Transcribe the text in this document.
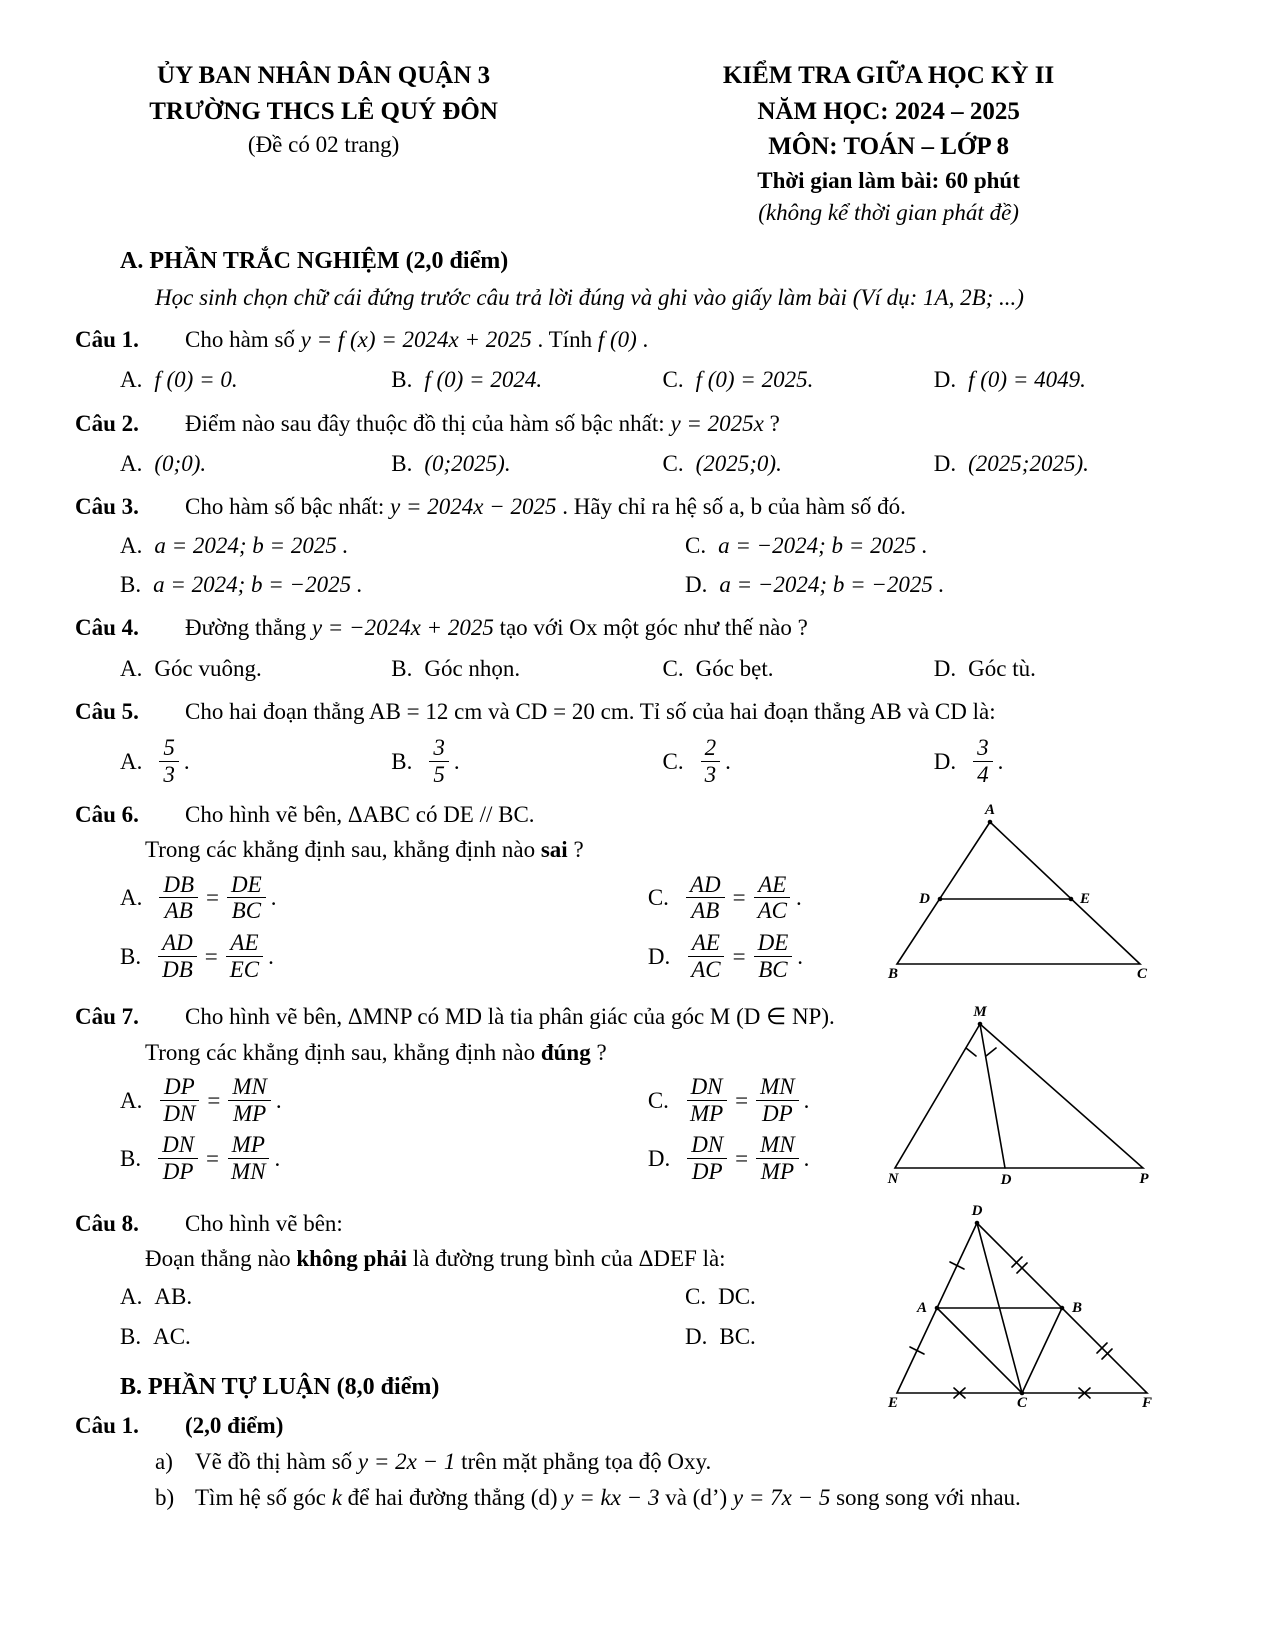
ỦY BAN NHÂN DÂN QUẬN 3
TRƯỜNG THCS LÊ QUÝ ĐÔN
(Đề có 02 trang)
KIỂM TRA GIỮA HỌC KỲ II
NĂM HỌC: 2024 – 2025
MÔN: TOÁN – LỚP 8
Thời gian làm bài: 60 phút
(không kể thời gian phát đề)
A. PHẦN TRẮC NGHIỆM (2,0 điểm)
Học sinh chọn chữ cái đứng trước câu trả lời đúng và ghi vào giấy làm bài (Ví dụ: 1A, 2B; ...)
Câu 1.	Cho hàm số y = f (x) = 2024x + 2025 . Tính f (0) .
A. f (0) = 0.	B. f (0) = 2024.	C. f (0) = 2025.	D. f (0) = 4049.
Câu 2.	Điểm nào sau đây thuộc đồ thị của hàm số bậc nhất: y = 2025x ?
A. (0;0).	B. (0;2025).	C. (2025;0).	D. (2025;2025).
Câu 3.	Cho hàm số bậc nhất: y = 2024x − 2025 . Hãy chỉ ra hệ số a, b của hàm số đó.
A. a = 2024; b = 2025 .	C. a = −2024; b = 2025 .
B. a = 2024; b = −2025 .	D. a = −2024; b = −2025 .
Câu 4.	Đường thẳng y = −2024x + 2025 tạo với Ox một góc như thế nào ?
A. Góc vuông.	B. Góc nhọn.	C. Góc bẹt.	D. Góc tù.
Câu 5.	Cho hai đoạn thẳng AB = 12 cm và CD = 20 cm. Tỉ số của hai đoạn thẳng AB và CD là:
A. $\frac{5}{3}$ .	B. $\frac{3}{5}$ .	C. $\frac{2}{3}$ .	D. $\frac{3}{4}$ .
Câu 6.	Cho hình vẽ bên, ΔABC có DE // BC.
Trong các khẳng định sau, khẳng định nào sai ?
A. $\frac{DB}{AB} = \frac{DE}{BC}$ .	C. $\frac{AD}{AB} = \frac{AE}{AC}$ .
B. $\frac{AD}{DB} = \frac{AE}{EC}$ .	D. $\frac{AE}{AC} = \frac{DE}{BC}$ .
A
B	C
D	E
Câu 7.	Cho hình vẽ bên, ΔMNP có MD là tia phân giác của góc M (D ∈ NP).
Trong các khẳng định sau, khẳng định nào đúng ?
A. $\frac{DP}{DN} = \frac{MN}{MP}$ .	C. $\frac{DN}{MP} = \frac{MN}{DP}$ .
B. $\frac{DN}{DP} = \frac{MP}{MN}$ .	D. $\frac{DN}{DP} = \frac{MN}{MP}$ .
M
N	P
D
D
A	B
E	C	F
Câu 8.	Cho hình vẽ bên:
Đoạn thẳng nào không phải là đường trung bình của ΔDEF là:
A. AB.	C. DC.
B. AC.	D. BC.
B. PHẦN TỰ LUẬN (8,0 điểm)
Câu 1.	(2,0 điểm)
a) Vẽ đồ thị hàm số y = 2x − 1 trên mặt phẳng tọa độ Oxy.
b) Tìm hệ số góc k để hai đường thẳng (d) y = kx − 3 và (d’) y = 7x − 5 song song với nhau.
